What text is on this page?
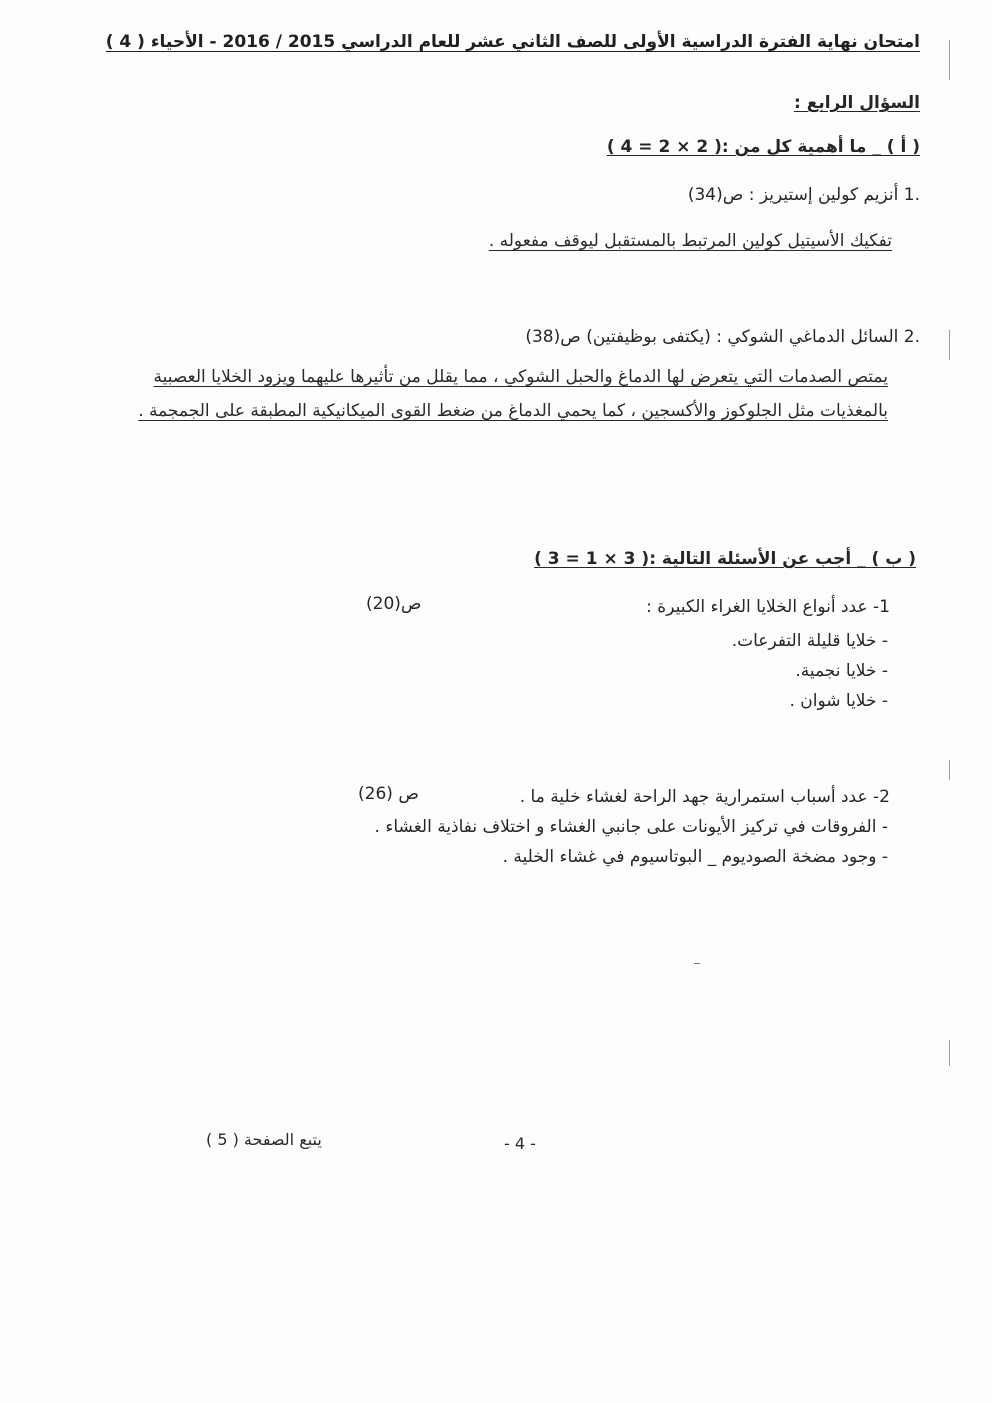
امتحان نهاية الفترة الدراسية الأولى للصف الثاني عشر للعام الدراسي 2015 / 2016 - الأحياء ( 4 )
السؤال الرابع :
( أ ) _ ما أهمية كل من :( 2 × 2 = 4 )
.1 أنزيم كولين إستيريز : ص(34)
تفكيك الأسيتيل كولين المرتبط بالمستقبل ليوقف مفعوله .
.2 السائل الدماغي الشوكي : (يكتفى بوظيفتين) ص(38)
يمتص الصدمات التي يتعرض لها الدماغ والحبل الشوكي ، مما يقلل من تأثيرها عليهما ويزود الخلايا العصبية
بالمغذيات مثل الجلوكوز والأكسجين ، كما يحمي الدماغ من ضغط القوى الميكانيكية المطبقة على الجمجمة .
( ب ) _ أجب عن الأسئلة التالية :( 3 × 1 = 3 )
1- عدد أنواع الخلايا الغراء الكبيرة :
ص(20)
- خلايا قليلة التفرعات.
- خلايا نجمية.
- خلايا شوان .
2- عدد أسباب استمرارية جهد الراحة لغشاء خلية ما .
ص (26)
- الفروقات في تركيز الأيونات على جانبي الغشاء و اختلاف نفاذية الغشاء .
- وجود مضخة الصوديوم _ البوتاسيوم في غشاء الخلية .
- 4 -
يتبع الصفحة ( 5 )
